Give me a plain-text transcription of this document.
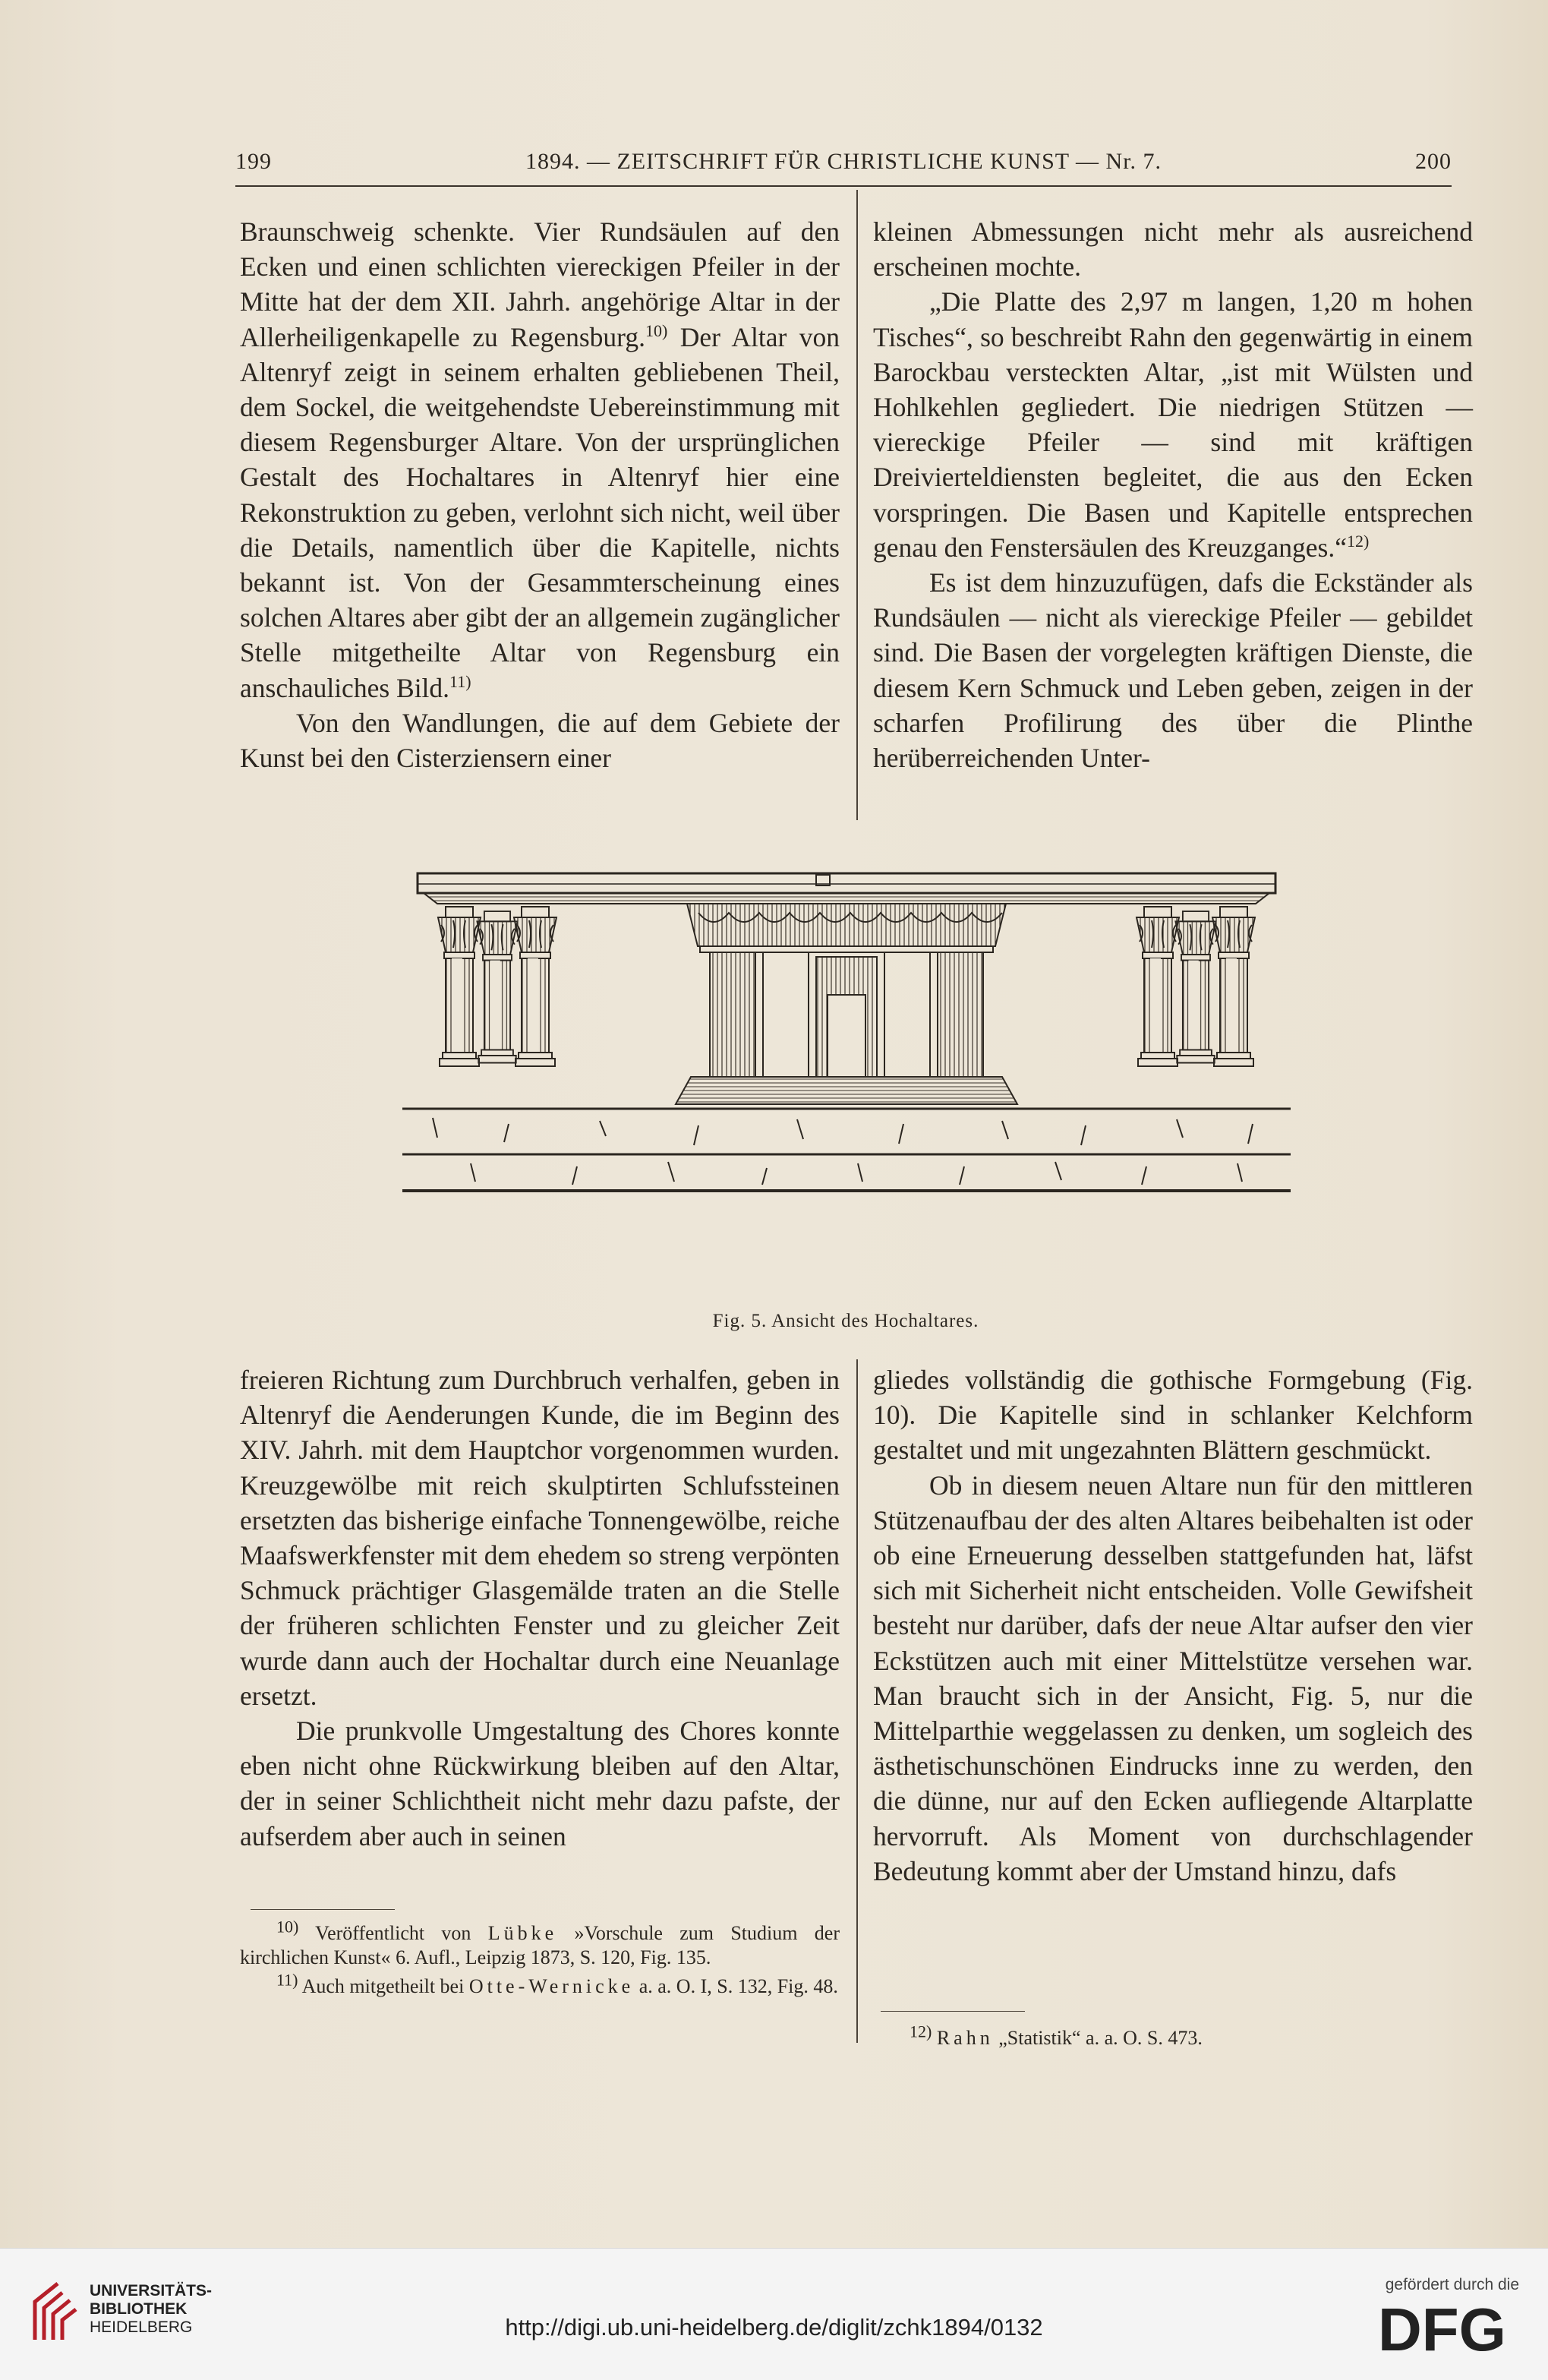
199	1894. — ZEITSCHRIFT FÜR CHRISTLICHE KUNST — Nr. 7.	200

Braunschweig schenkte. Vier Rundsäulen auf den Ecken und einen schlichten viereckigen Pfeiler in der Mitte hat der dem XII. Jahrh. angehörige Altar in der Allerheiligenkapelle zu Regensburg.$^{10)}$ Der Altar von Altenryf zeigt in seinem erhalten gebliebenen Theil, dem Sockel, die weitgehendste Uebereinstimmung mit diesem Regensburger Altare. Von der ursprünglichen Gestalt des Hochaltares in Altenryf hier eine Rekonstruktion zu geben, verlohnt sich nicht, weil über die Details, namentlich über die Kapitelle, nichts bekannt ist. Von der Gesammterscheinung eines solchen Altares aber gibt der an allgemein zugänglicher Stelle mitgetheilte Altar von Regensburg ein anschauliches Bild.$^{11)}$

Von den Wandlungen, die auf dem Gebiete der Kunst bei den Cisterziensern einer

kleinen Abmessungen nicht mehr als ausreichend erscheinen mochte.

„Die Platte des 2,97 m langen, 1,20 m hohen Tisches“, so beschreibt Rahn den gegenwärtig in einem Barockbau versteckten Altar, „ist mit Wülsten und Hohlkehlen gegliedert. Die niedrigen Stützen — viereckige Pfeiler — sind mit kräftigen Dreivierteldiensten begleitet, die aus den Ecken vorspringen. Die Basen und Kapitelle entsprechen genau den Fenstersäulen des Kreuzganges.“$^{12)}$

Es ist dem hinzuzufügen, dafs die Eckständer als Rundsäulen — nicht als viereckige Pfeiler — gebildet sind. Die Basen der vorgelegten kräftigen Dienste, die diesem Kern Schmuck und Leben geben, zeigen in der scharfen Profilirung des über die Plinthe herüberreichenden Unter-

Fig. 5. Ansicht des Hochaltares.

freieren Richtung zum Durchbruch verhalfen, geben in Altenryf die Aenderungen Kunde, die im Beginn des XIV. Jahrh. mit dem Hauptchor vorgenommen wurden. Kreuzgewölbe mit reich skulptirten Schlufssteinen ersetzten das bisherige einfache Tonnengewölbe, reiche Maafswerkfenster mit dem ehedem so streng verpönten Schmuck prächtiger Glasgemälde traten an die Stelle der früheren schlichten Fenster und zu gleicher Zeit wurde dann auch der Hochaltar durch eine Neuanlage ersetzt.

Die prunkvolle Umgestaltung des Chores konnte eben nicht ohne Rückwirkung bleiben auf den Altar, der in seiner Schlichtheit nicht mehr dazu pafste, der aufserdem aber auch in seinen

gliedes vollständig die gothische Formgebung (Fig. 10). Die Kapitelle sind in schlanker Kelchform gestaltet und mit ungezahnten Blättern geschmückt.

Ob in diesem neuen Altare nun für den mittleren Stützenaufbau der des alten Altares beibehalten ist oder ob eine Erneuerung desselben stattgefunden hat, läfst sich mit Sicherheit nicht entscheiden. Volle Gewifsheit besteht nur darüber, dafs der neue Altar aufser den vier Eckstützen auch mit einer Mittelstütze versehen war. Man braucht sich in der Ansicht, Fig. 5, nur die Mittelparthie weggelassen zu denken, um sogleich des ästhetischunschönen Eindrucks inne zu werden, den die dünne, nur auf den Ecken aufliegende Altarplatte hervorruft. Als Moment von durchschlagender Bedeutung kommt aber der Umstand hinzu, dafs

$^{10)}$ Veröffentlicht von Lübke »Vorschule zum Studium der kirchlichen Kunst« 6. Aufl., Leipzig 1873, S. 120, Fig. 135.

$^{11)}$ Auch mitgetheilt bei Otte-Wernicke a. a. O. I, S. 132, Fig. 48.

$^{12)}$ Rahn „Statistik“ a. a. O. S. 473.

UNIVERSITÄTS-
BIBLIOTHEK
HEIDELBERG	http://digi.ub.uni-heidelberg.de/diglit/zchk1894/0132
gefördert durch die
DFG
